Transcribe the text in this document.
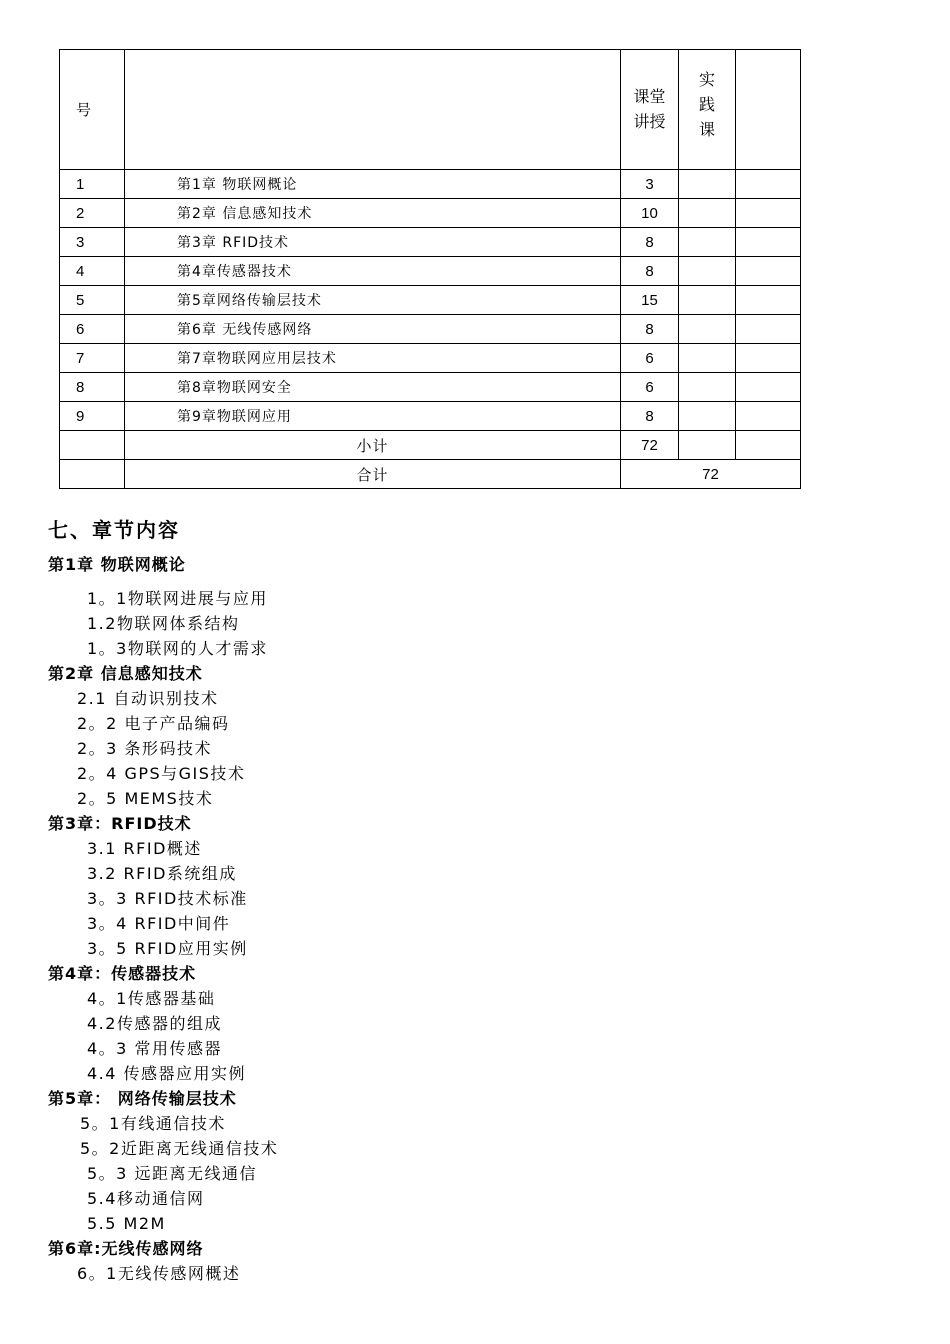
号		课堂讲授	实践课	
1	第1章 物联网概论	3		
2	第2章 信息感知技术	10		
3	第3章 RFID技术	8		
4	第4章传感器技术	8		
5	第5章网络传输层技术	15		
6	第6章 无线传感网络	8		
7	第7章物联网应用层技术	6		
8	第8章物联网安全	6		
9	第9章物联网应用	8		
	小计	72		
	合计	72		
七、章节内容
第1章 物联网概论
1。1物联网进展与应用
1.2物联网体系结构
1。3物联网的人才需求
第2章 信息感知技术
2.1 自动识别技术
2。2 电子产品编码
2。3 条形码技术
2。4 GPS与GIS技术
2。5 MEMS技术
第3章：RFID技术
3.1 RFID概述
3.2 RFID系统组成
3。3 RFID技术标准
3。4 RFID中间件
3。5 RFID应用实例
第4章：传感器技术
4。1传感器基础
4.2传感器的组成
4。3 常用传感器
4.4 传感器应用实例
第5章： 网络传输层技术
5。1有线通信技术
5。2近距离无线通信技术
5。3 远距离无线通信
5.4移动通信网
5.5 M2M
第6章:无线传感网络
6。1无线传感网概述
